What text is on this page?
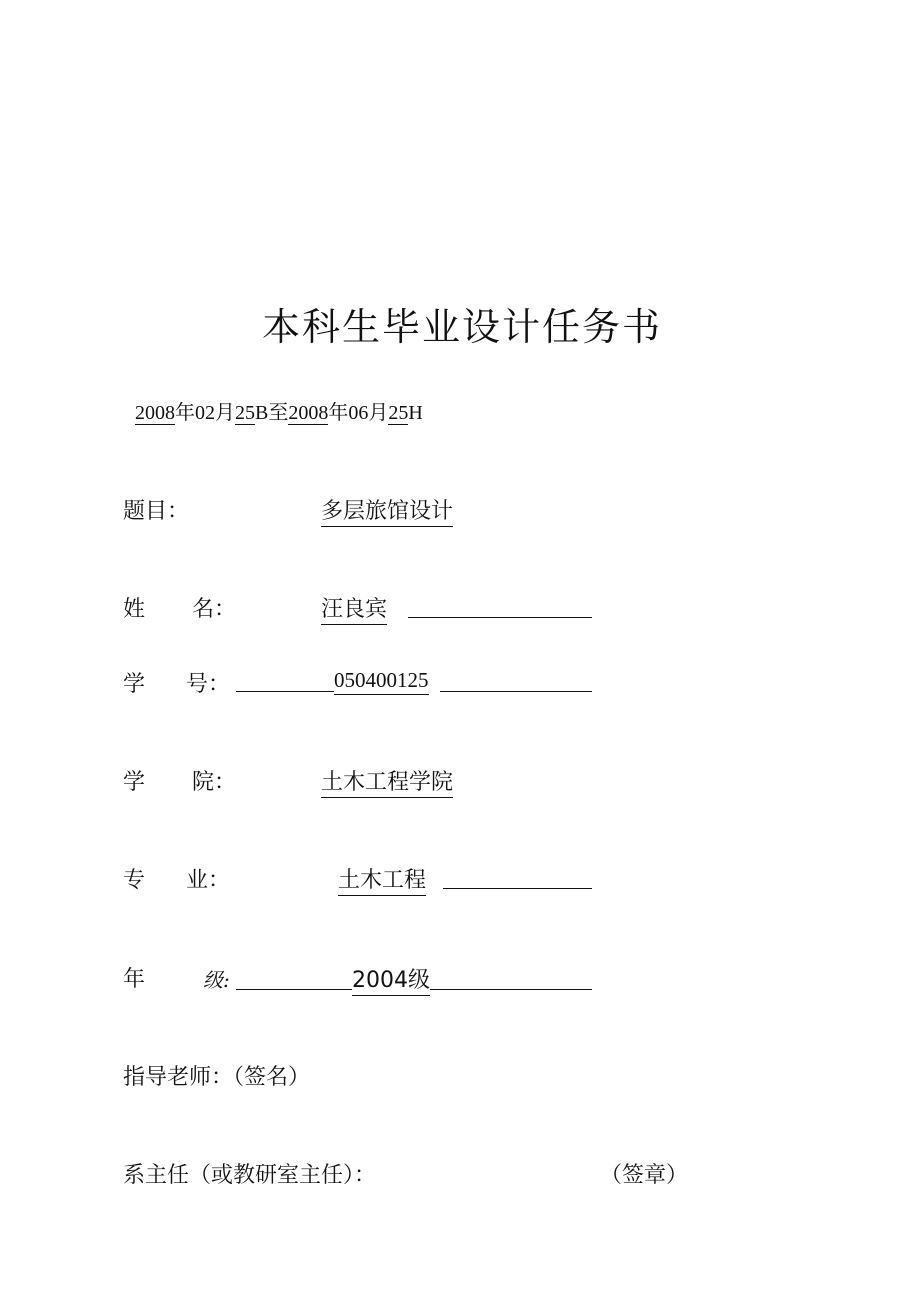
本科生毕业设计任务书
2008年02月25B至2008年06月25H
题目：	多层旅馆设计
姓 名：	汪良宾
学 号：	050400125
学 院：	土木工程学院
专 业：	土木工程
年	级:	2004级
指导老师：（签名）
系主任（或教研室主任）：	（签章）
